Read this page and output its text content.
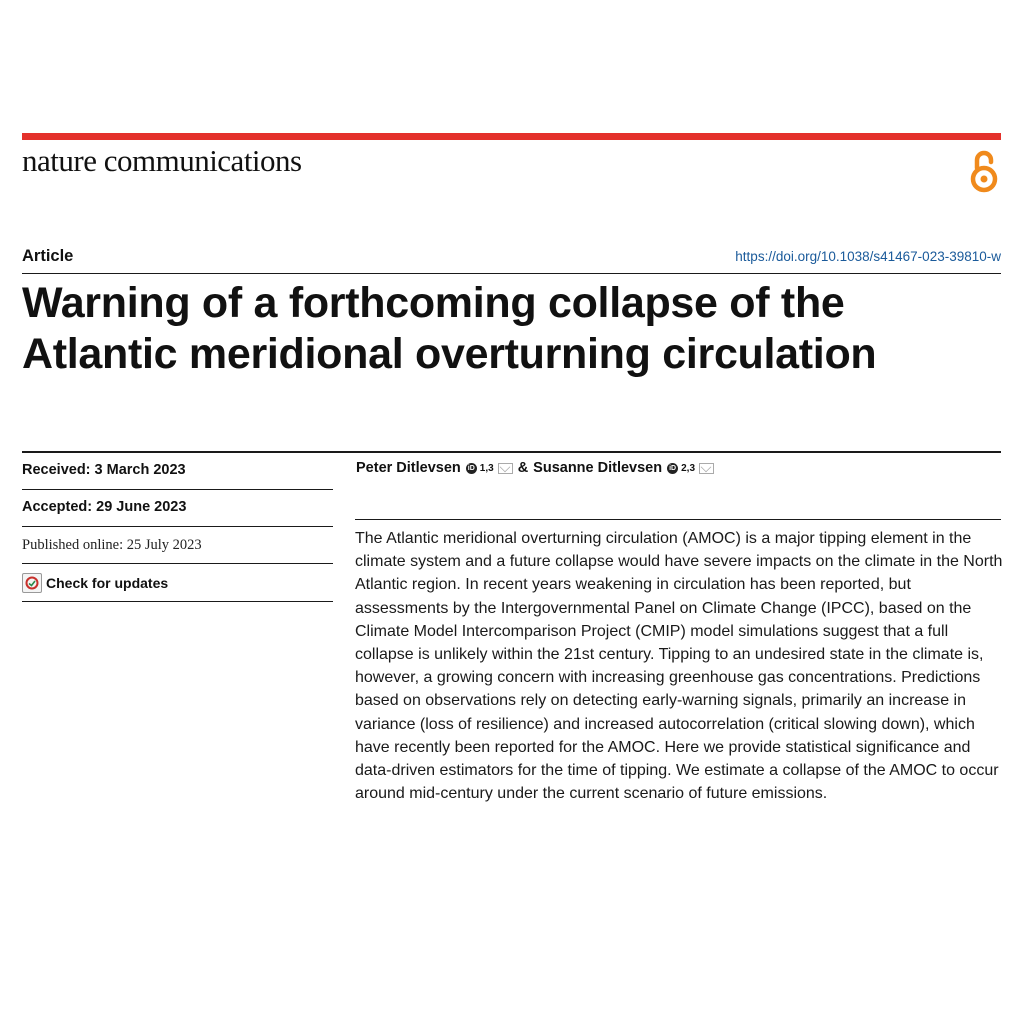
nature communications
Article	https://doi.org/10.1038/s41467-023-39810-w
Warning of a forthcoming collapse of the Atlantic meridional overturning circulation
Received: 3 March 2023
Accepted: 29 June 2023
Published online: 25 July 2023
Check for updates
Peter Ditlevsen iD 1,3 & Susanne Ditlevsen iD 2,3

The Atlantic meridional overturning circulation (AMOC) is a major tipping element in the climate system and a future collapse would have severe impacts on the climate in the North Atlantic region. In recent years weakening in circulation has been reported, but assessments by the Intergovernmental Panel on Climate Change (IPCC), based on the Climate Model Intercomparison Project (CMIP) model simulations suggest that a full collapse is unlikely within the 21st century. Tipping to an undesired state in the climate is, however, a growing concern with increasing greenhouse gas concentrations. Predictions based on observations rely on detecting early-warning signals, primarily an increase in variance (loss of resilience) and increased autocorrelation (critical slowing down), which have recently been reported for the AMOC. Here we provide statistical significance and data-driven estimators for the time of tipping. We estimate a collapse of the AMOC to occur around mid-century under the current scenario of future emissions.
